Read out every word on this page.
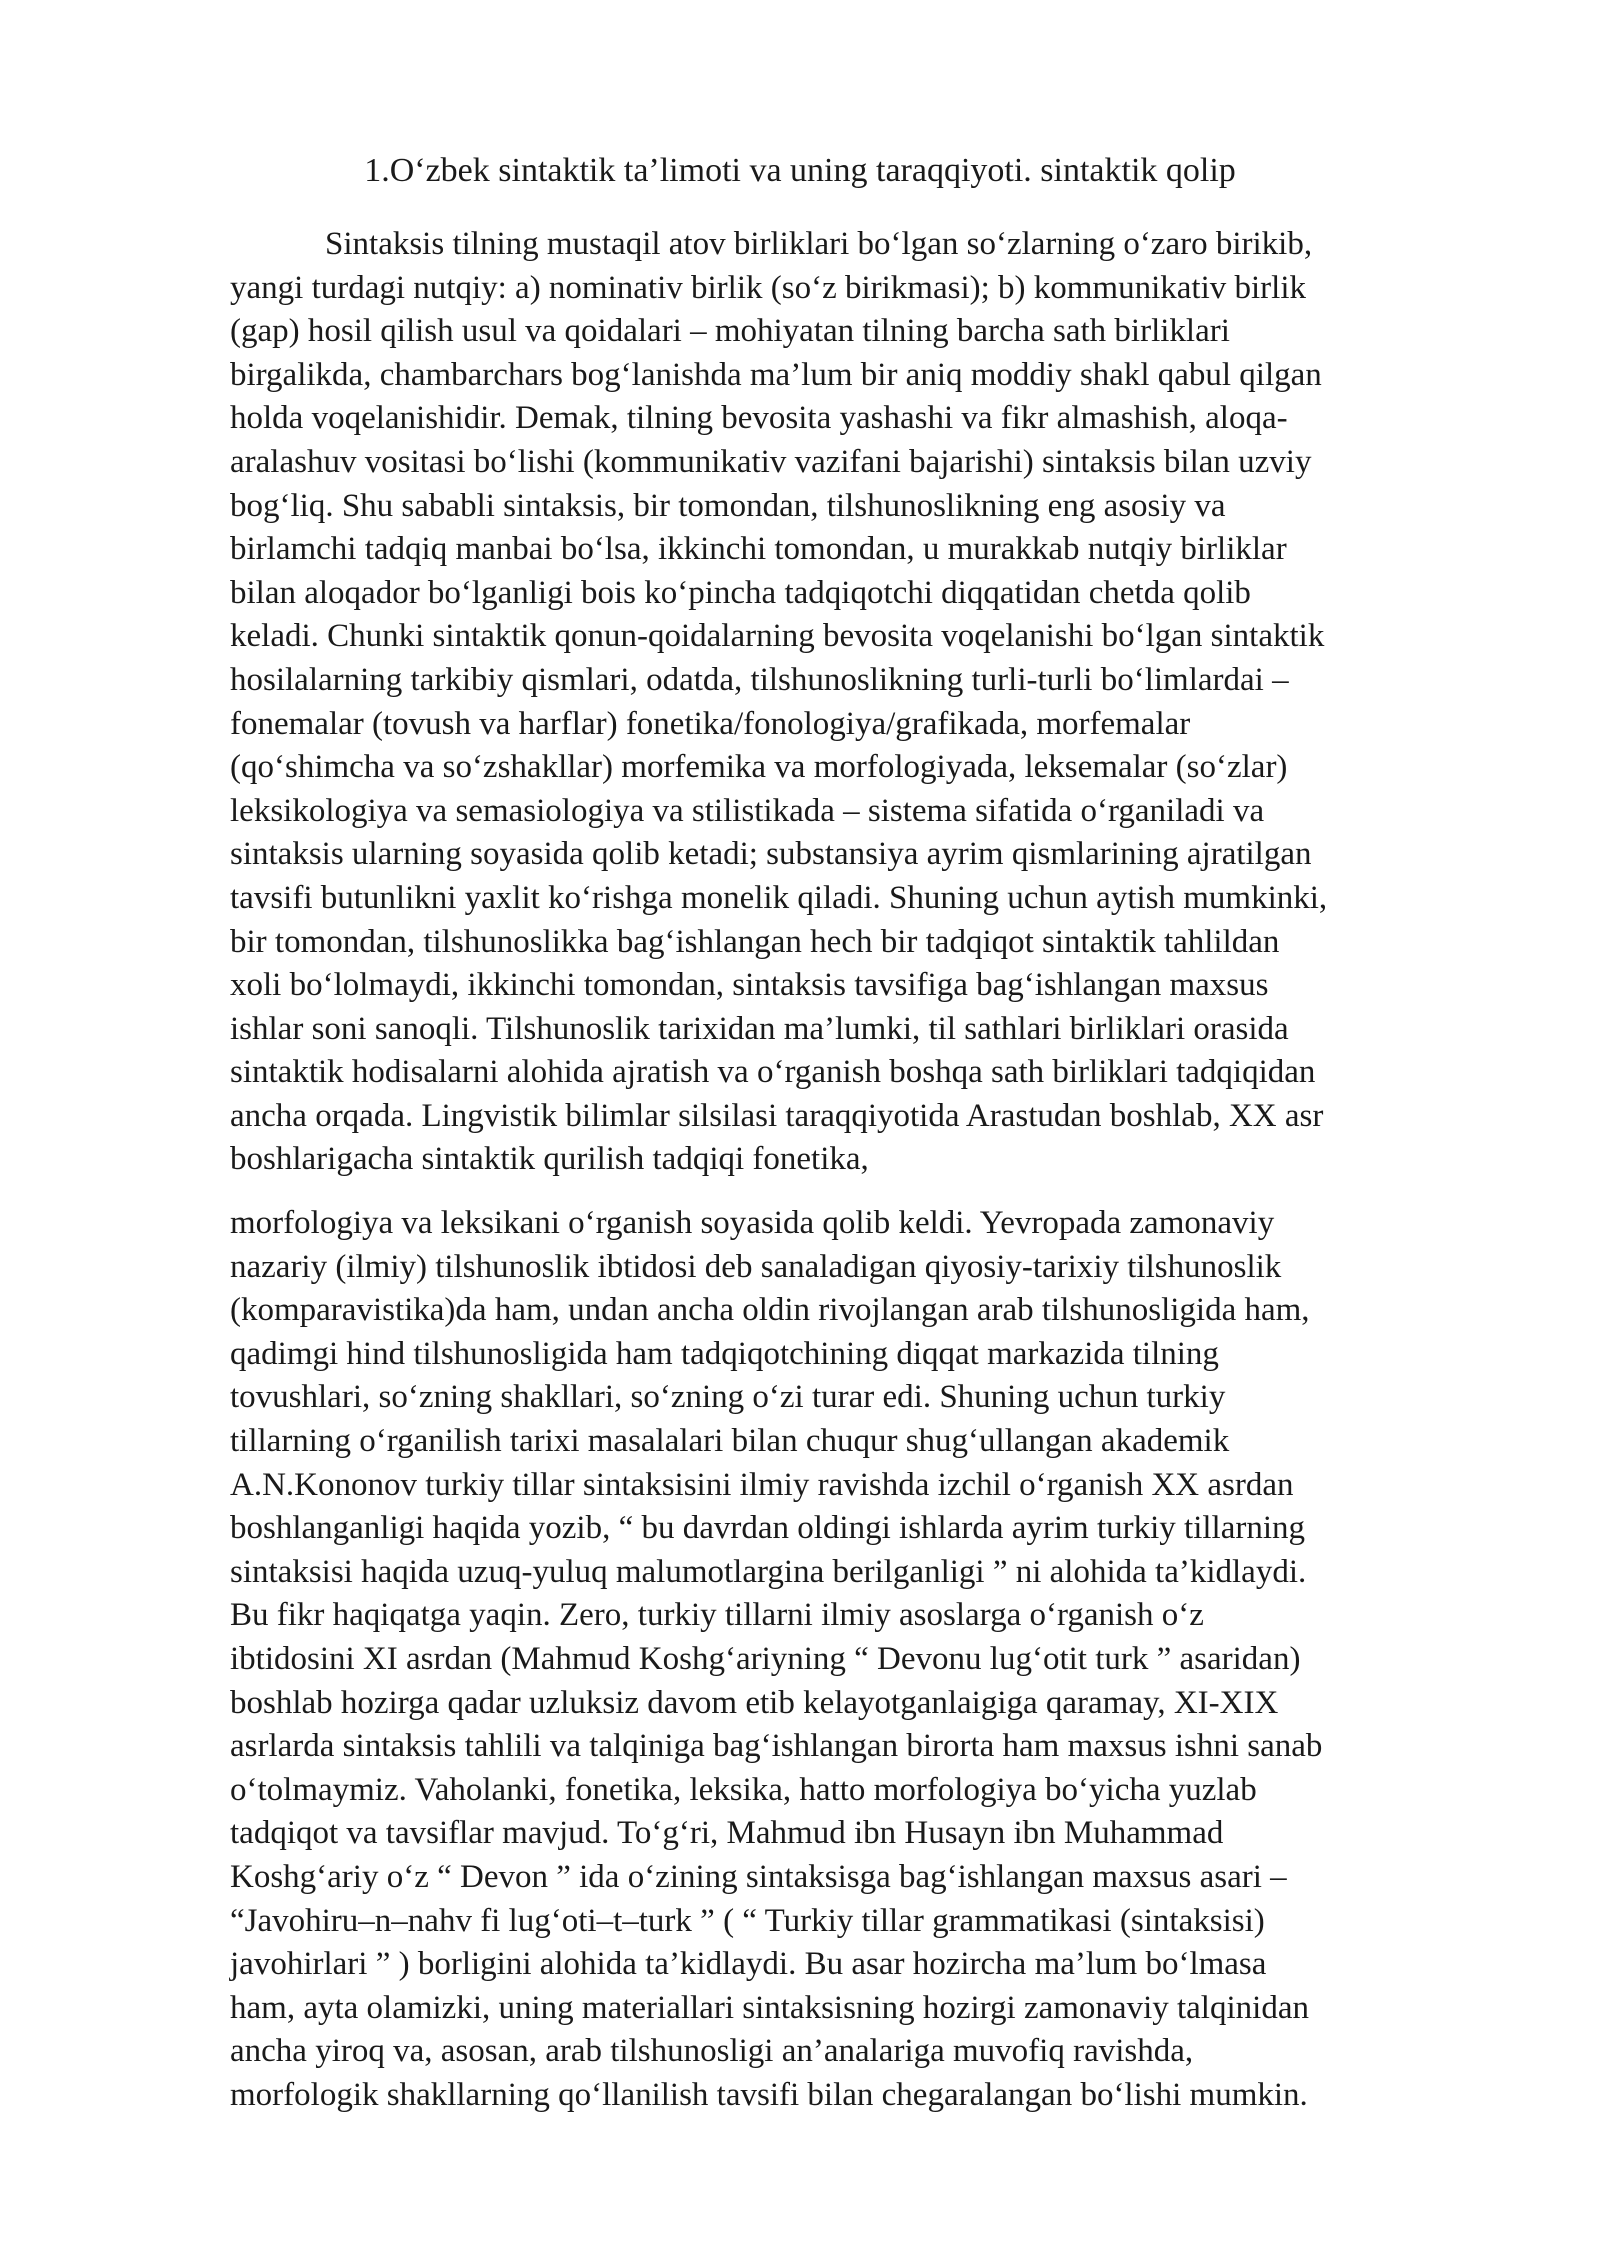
1.O‘zbek sintaktik ta’limoti va uning taraqqiyoti. sintaktik qolip
Sintaksis tilning mustaqil atov birliklari bo‘lgan so‘zlarning o‘zaro birikib,
yangi turdagi nutqiy: a) nominativ birlik (so‘z birikmasi); b) kommunikativ birlik
(gap) hosil qilish usul va qoidalari – mohiyatan tilning barcha sath birliklari
birgalikda, chambarchars bog‘lanishda ma’lum bir aniq moddiy shakl qabul qilgan
holda voqelanishidir. Demak, tilning bevosita yashashi va fikr almashish, aloqa-
aralashuv vositasi bo‘lishi (kommunikativ vazifani bajarishi) sintaksis bilan uzviy
bog‘liq. Shu sababli sintaksis, bir tomondan, tilshunoslikning eng asosiy va
birlamchi tadqiq manbai bo‘lsa, ikkinchi tomondan, u murakkab nutqiy birliklar
bilan aloqador bo‘lganligi bois ko‘pincha tadqiqotchi diqqatidan chetda qolib
keladi. Chunki sintaktik qonun-qoidalarning bevosita voqelanishi bo‘lgan sintaktik
hosilalarning tarkibiy qismlari, odatda, tilshunoslikning turli-turli bo‘limlardai –
fonemalar (tovush va harflar) fonetika/fonologiya/grafikada, morfemalar
(qo‘shimcha va so‘zshakllar) morfemika va morfologiyada, leksemalar (so‘zlar)
leksikologiya va semasiologiya va stilistikada – sistema sifatida o‘rganiladi va
sintaksis ularning soyasida qolib ketadi; substansiya ayrim qismlarining ajratilgan
tavsifi butunlikni yaxlit ko‘rishga monelik qiladi. Shuning uchun aytish mumkinki,
bir tomondan, tilshunoslikka bag‘ishlangan hech bir tadqiqot sintaktik tahlildan
xoli bo‘lolmaydi, ikkinchi tomondan, sintaksis tavsifiga bag‘ishlangan maxsus
ishlar soni sanoqli. Tilshunoslik tarixidan ma’lumki, til sathlari birliklari orasida
sintaktik hodisalarni alohida ajratish va o‘rganish boshqa sath birliklari tadqiqidan
ancha orqada. Lingvistik bilimlar silsilasi taraqqiyotida Arastudan boshlab, XX asr
boshlarigacha sintaktik qurilish tadqiqi fonetika,
morfologiya va leksikani o‘rganish soyasida qolib keldi. Yevropada zamonaviy
nazariy (ilmiy) tilshunoslik ibtidosi deb sanaladigan qiyosiy-tarixiy tilshunoslik
(komparavistika)da ham, undan ancha oldin rivojlangan arab tilshunosligida ham,
qadimgi hind tilshunosligida ham tadqiqotchining diqqat markazida tilning
tovushlari, so‘zning shakllari, so‘zning o‘zi turar edi. Shuning uchun turkiy
tillarning o‘rganilish tarixi masalalari bilan chuqur shug‘ullangan akademik
A.N.Kononov turkiy tillar sintaksisini ilmiy ravishda izchil o‘rganish XX asrdan
boshlanganligi haqida yozib, “ bu davrdan oldingi ishlarda ayrim turkiy tillarning
sintaksisi haqida uzuq-yuluq malumotlargina berilganligi ” ni alohida ta’kidlaydi.
Bu fikr haqiqatga yaqin. Zero, turkiy tillarni ilmiy asoslarga o‘rganish o‘z
ibtidosini XI asrdan (Mahmud Koshg‘ariyning “ Devonu lug‘otit turk ” asaridan)
boshlab hozirga qadar uzluksiz davom etib kelayotganlaigiga qaramay, XI-XIX
asrlarda sintaksis tahlili va talqiniga bag‘ishlangan birorta ham maxsus ishni sanab
o‘tolmaymiz. Vaholanki, fonetika, leksika, hatto morfologiya bo‘yicha yuzlab
tadqiqot va tavsiflar mavjud. To‘g‘ri, Mahmud ibn Husayn ibn Muhammad
Koshg‘ariy o‘z “ Devon ” ida o‘zining sintaksisga bag‘ishlangan maxsus asari –
“Javohiru–n–nahv fi lug‘oti–t–turk ” ( “ Turkiy tillar grammatikasi (sintaksisi)
javohirlari ” ) borligini alohida ta’kidlaydi. Bu asar hozircha ma’lum bo‘lmasa
ham, ayta olamizki, uning materiallari sintaksisning hozirgi zamonaviy talqinidan
ancha yiroq va, asosan, arab tilshunosligi an’analariga muvofiq ravishda,
morfologik shakllarning qo‘llanilish tavsifi bilan chegaralangan bo‘lishi mumkin.
